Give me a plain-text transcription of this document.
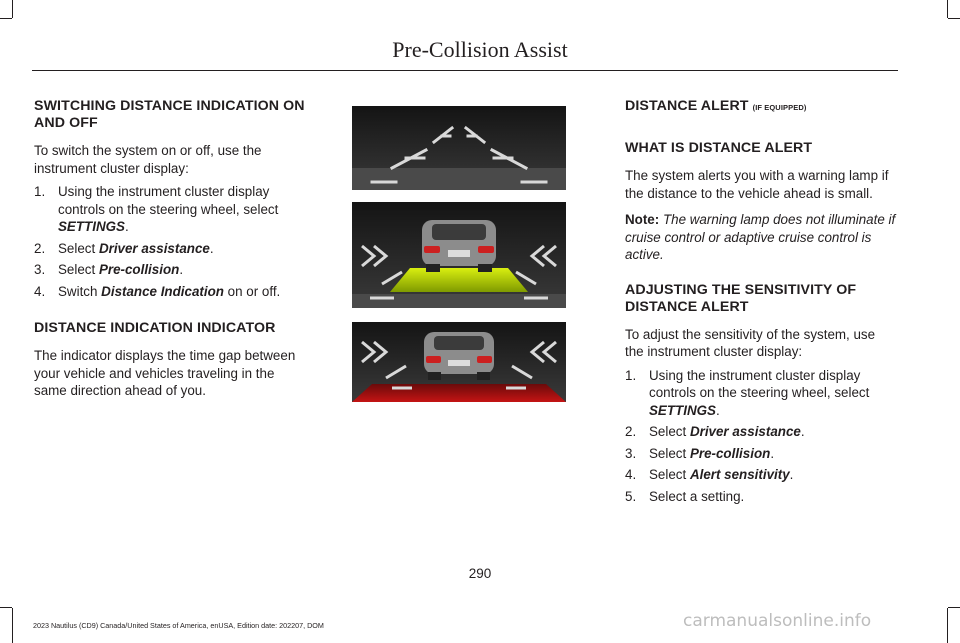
Pre-Collision Assist
SWITCHING DISTANCE INDICATION ON AND OFF

To switch the system on or off, use the instrument cluster display:

1. Using the instrument cluster display controls on the steering wheel, select SETTINGS.
2. Select Driver assistance.
3. Select Pre-collision.
4. Switch Distance Indication on or off.
DISTANCE INDICATION INDICATOR

The indicator displays the time gap between your vehicle and vehicles traveling in the same direction ahead of you.

DISTANCE ALERT (IF EQUIPPED)
WHAT IS DISTANCE ALERT

The system alerts you with a warning lamp if the distance to the vehicle ahead is small.

Note: The warning lamp does not illuminate if cruise control or adaptive cruise control is active.

ADJUSTING THE SENSITIVITY OF DISTANCE ALERT

To adjust the sensitivity of the system, use the instrument cluster display:

1. Using the instrument cluster display controls on the steering wheel, select SETTINGS.
2. Select Driver assistance.
3. Select Pre-collision.
4. Select Alert sensitivity.
5. Select a setting.
290
2023 Nautilus (CD9) Canada/United States of America, enUSA, Edition date: 202207, DOM	carmanualsonline.info
